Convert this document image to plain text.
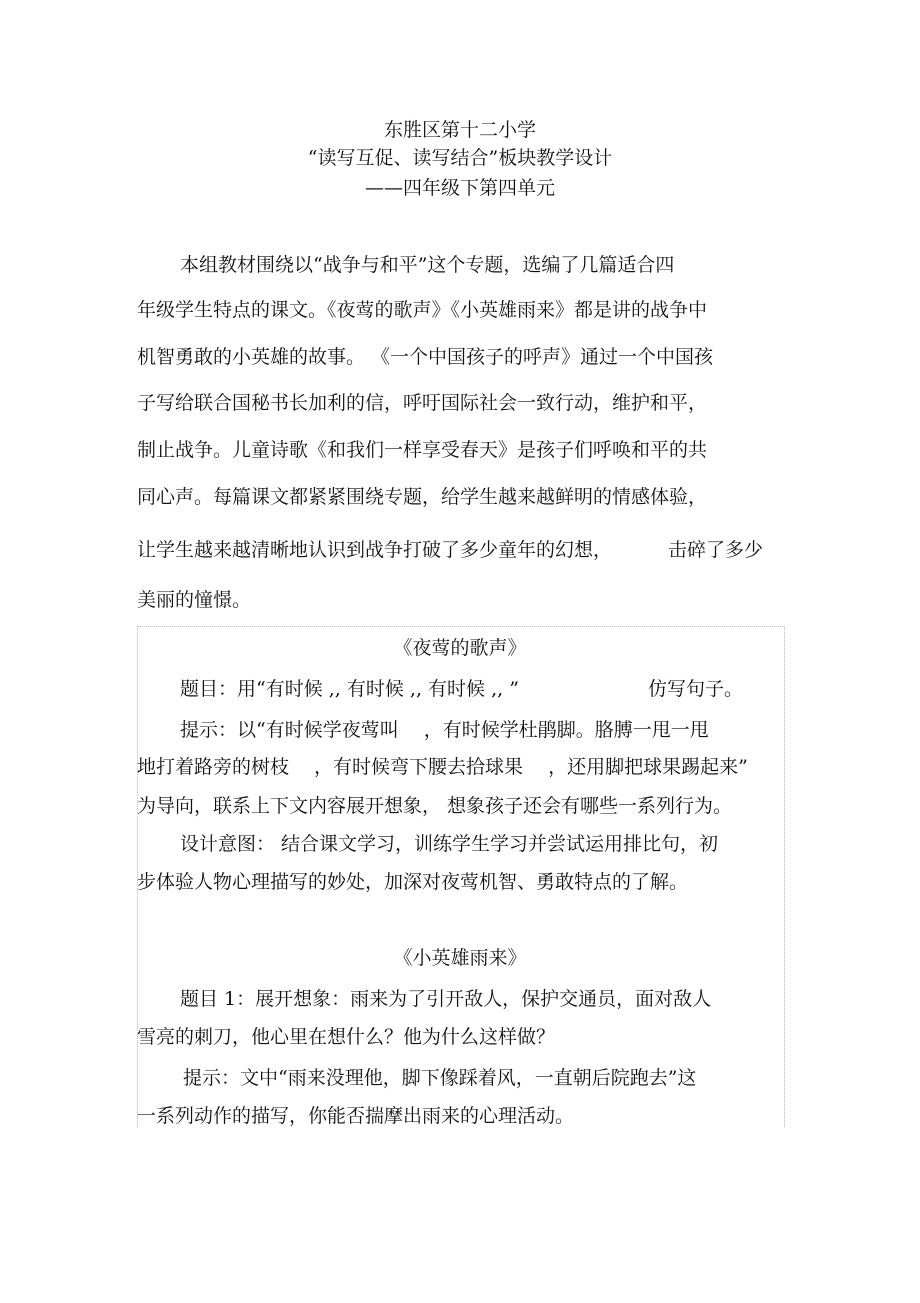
东胜区第十二小学
“读写互促、读写结合”板块教学设计
——四年级下第四单元
本组教材围绕以“战争与和平”这个专题，选编了几篇适合四
年级学生特点的课文。《夜莺的歌声》《小英雄雨来》都是讲的战争中
机智勇敢的小英雄的故事。 《一个中国孩子的呼声》通过一个中国孩
子写给联合国秘书长加利的信，呼吁国际社会一致行动，维护和平，
制止战争。儿童诗歌《和我们一样享受春天》是孩子们呼唤和平的共
同心声。每篇课文都紧紧围绕专题，给学生越来越鲜明的情感体验，
让学生越来越清晰地认识到战争打破了多少童年的幻想，	击碎了多少
美丽的憧憬。
《夜莺的歌声》
题目：用“有时候 ,, 有时候 ,, 有时候 ,, ”	仿写句子。
提示：以“有时候学夜莺叫　 ，有时候学杜鹃脚。胳膊一甩一甩
地打着路旁的树枝　 ，有时候弯下腰去拾球果　 ，还用脚把球果踢起来”
为导向，联系上下文内容展开想象， 想象孩子还会有哪些一系列行为。
设计意图： 结合课文学习，训练学生学习并尝试运用排比句，初
步体验人物心理描写的妙处，加深对夜莺机智、勇敢特点的了解。
《小英雄雨来》
题目 1：展开想象：雨来为了引开敌人，保护交通员，面对敌人
雪亮的刺刀，他心里在想什么？他为什么这样做？
提示：文中“雨来没理他，脚下像踩着风，一直朝后院跑去”这
一系列动作的描写，你能否揣摩出雨来的心理活动。
